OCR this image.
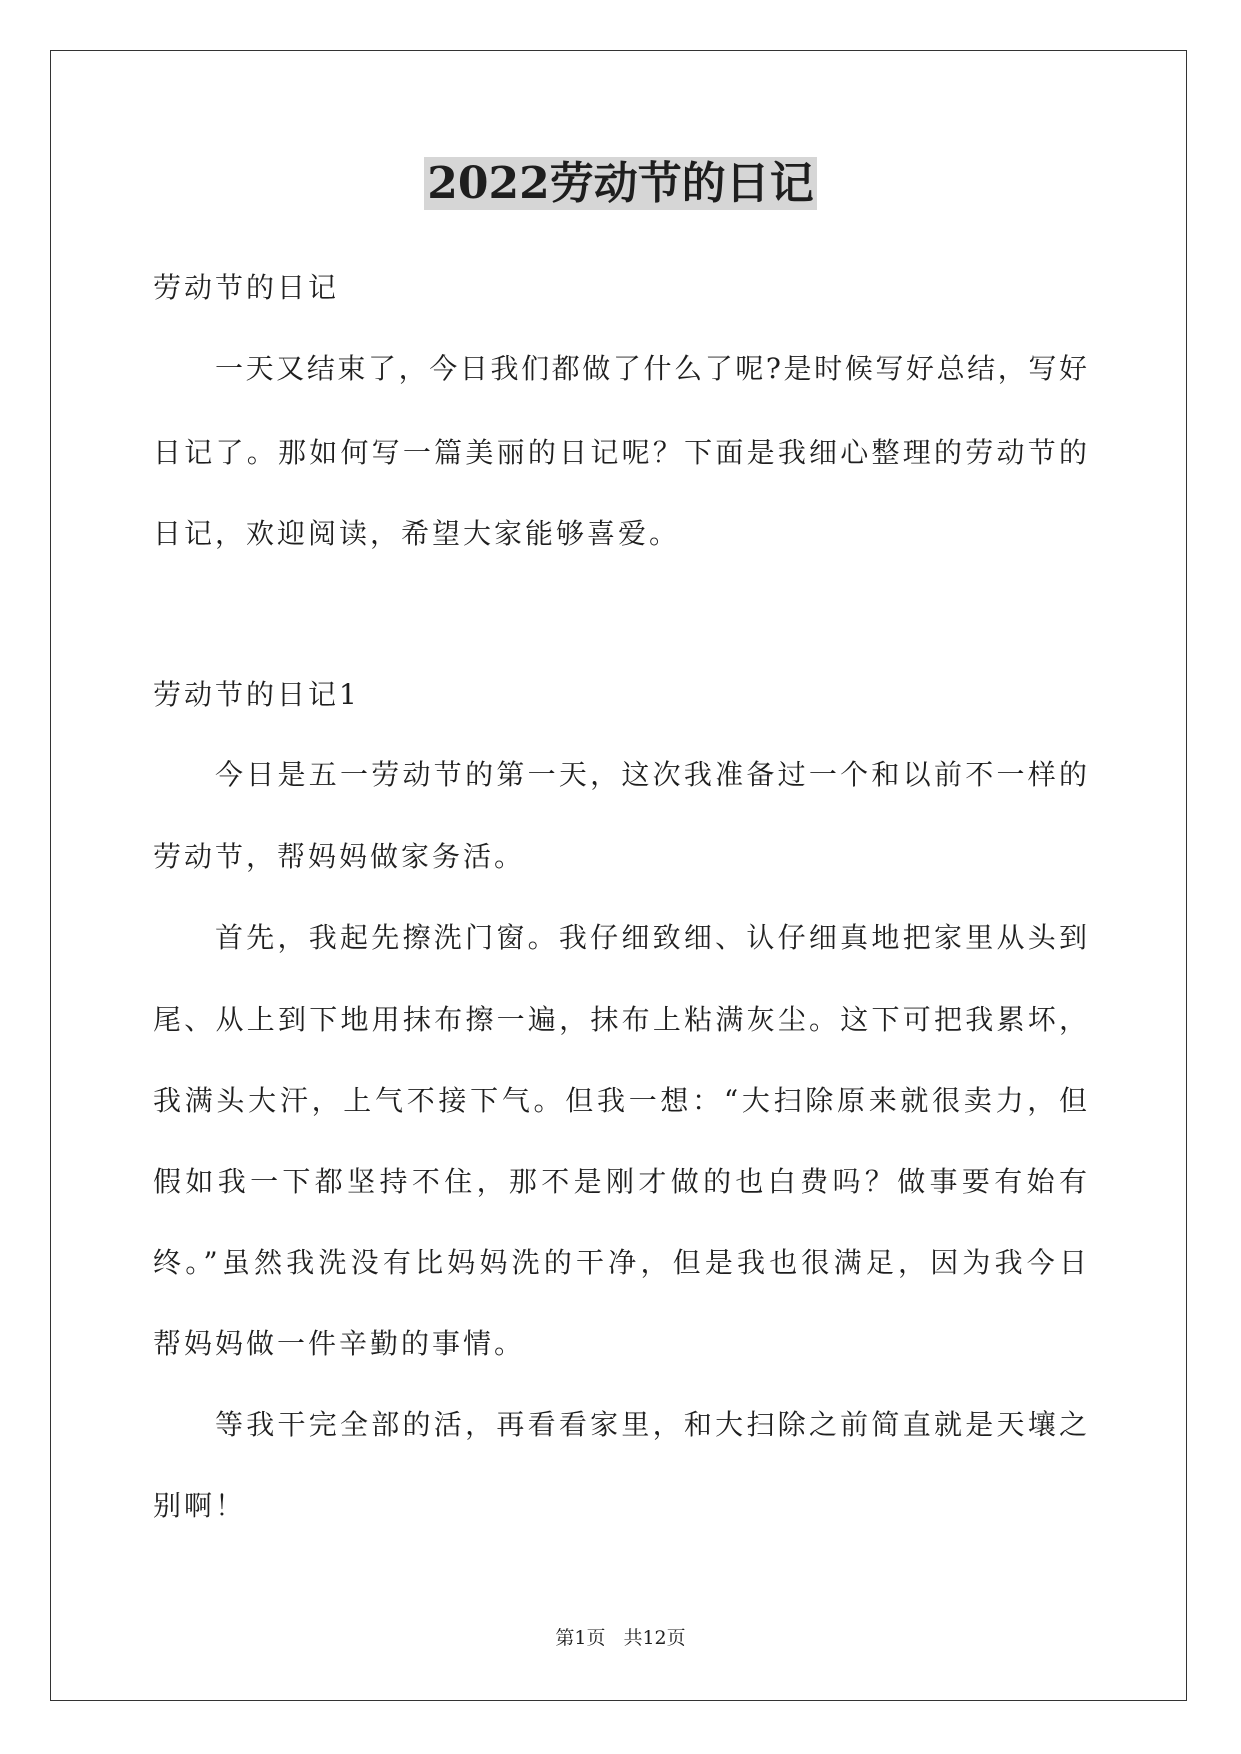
2022劳动节的日记
劳动节的日记
一天又结束了，今日我们都做了什么了呢?是时候写好总结，写好
日记了。那如何写一篇美丽的日记呢？下面是我细心整理的劳动节的
日记，欢迎阅读，希望大家能够喜爱。
劳动节的日记1
今日是五一劳动节的第一天，这次我准备过一个和以前不一样的
劳动节，帮妈妈做家务活。
首先，我起先擦洗门窗。我仔细致细、认仔细真地把家里从头到
尾、从上到下地用抹布擦一遍，抹布上粘满灰尘。这下可把我累坏，
我满头大汗，上气不接下气。但我一想：“大扫除原来就很卖力，但
假如我一下都坚持不住，那不是刚才做的也白费吗？做事要有始有
终。”虽然我洗没有比妈妈洗的干净，但是我也很满足，因为我今日
帮妈妈做一件辛勤的事情。
等我干完全部的活，再看看家里，和大扫除之前简直就是天壤之
别啊！
第1页 共12页
